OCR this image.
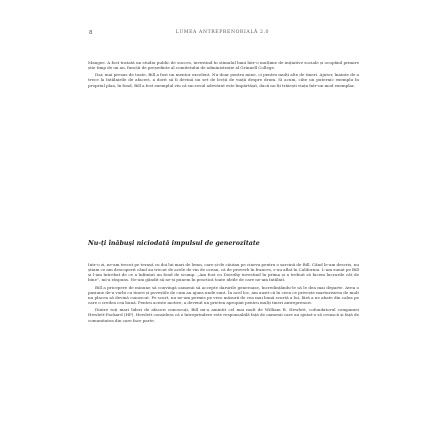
8	LUMEA ANTREPRENORIALĂ 2.0

Mangee. A fost tratată un studiu public de succes, investind în stimulul bani într-o mulțime de inițiative sociale și ocupând primire știe timp de un an, funcții de președinte al comitetului de administrație al Grinnell College.

Dar, mai presus de toate, Bill a fost un mentor excelent. Nu doar pentru mine, ci pentru mulți alte de tineri. Ajutor, înainte de a trece la întâlnirile de afaceri, a dorit să îi devină un set de lecții de viață despre drum. Si acum, câte un puternic exemplu în propriul plan, în fond, Bill a fost exemplul viu că succesul adevărat este împărtășit, dacă nu îți trăiești viața într-un mod exemplar.

Nu-ți înăbuși niciodată impulsul de generozitate

Intr-o zi, ne-am trecut pe terasă cu doi lui mari de lemn, care și-de căutau pe cineva pentru o sarcină de Bill. Când le-am descris, nu știam ce am descoperit când au trecut de acele de vin de ocean, că de proverb în frances, s-au aflat în California. L-am sunat pe Bill și l-am întrebat de ce a înființat un fond de scump. „Am fost cu Dorothy investind în prima și a trebuit să facem lucrurile cât de bine”, mi-a răspuns. Ne-am gândit să ne-și punem în practică toate ideile de care ne-am întâlnit.

Bill a pricepere de minune să convingă oamenii să accepte darurile generoase, încredințându-le să le dea mai departe. Avea o pasiune de-a vorbi cu tineri și poveștile de cum au ajuns unde sunt. În acel loc, am auzit că în ceea ce privește marturisirea de mult nu placea să devină cunoscut. Pe scurt, nu ne-am permis pe vreo măsură de cea mai bună scurtă a lui, fără a ne abate din calea pe care o credea cea bună. Pentru aceste motive, a devenit un prieten apropiat pentru mulți tineri antreprenori.

Dintre toți mari lideri de afaceri cunoscuți, Bill mi-a amintit cel mai mult de William R. Hewlett, cofondatorul companiei Hewlett-Packard (HP). Hewlett considera că o întreprindere este responsabilă față de oamenii care au ajutat-o să crească și față de comunitatea din care face parte.
